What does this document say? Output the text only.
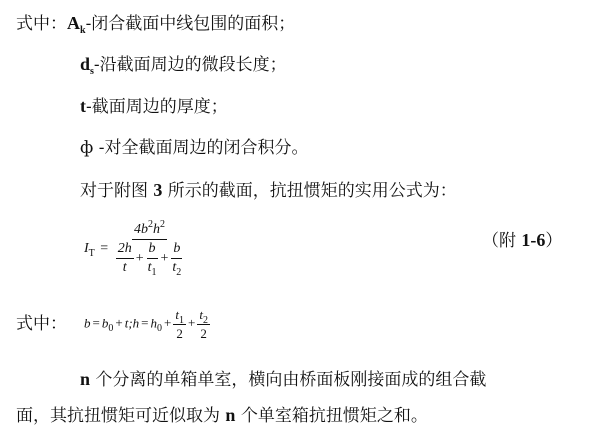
式中：$A_k-$闭合截面中线包围的面积；
$d_s-$沿截面周边的微段长度；
t-截面周边的厚度；
ф -对全截面周边的闭合积分。
对于附图 3 所示的截面，抗扭惯矩的实用公式为：
$I_T$ =
$4b^2h^2$
$\frac{2h}{t} + \frac{b}{t_1} + \frac{b}{t_2}$	（附 1-6）
式中： $b = b_0$ + t;h = $h_0 + \frac{t_1}{2} + \frac{t_2}{2}$
n 个分离的单箱单室，横向由桥面板刚接面成的组合截
面，其抗扭惯矩可近似取为 n 个单室箱抗扭惯矩之和。
